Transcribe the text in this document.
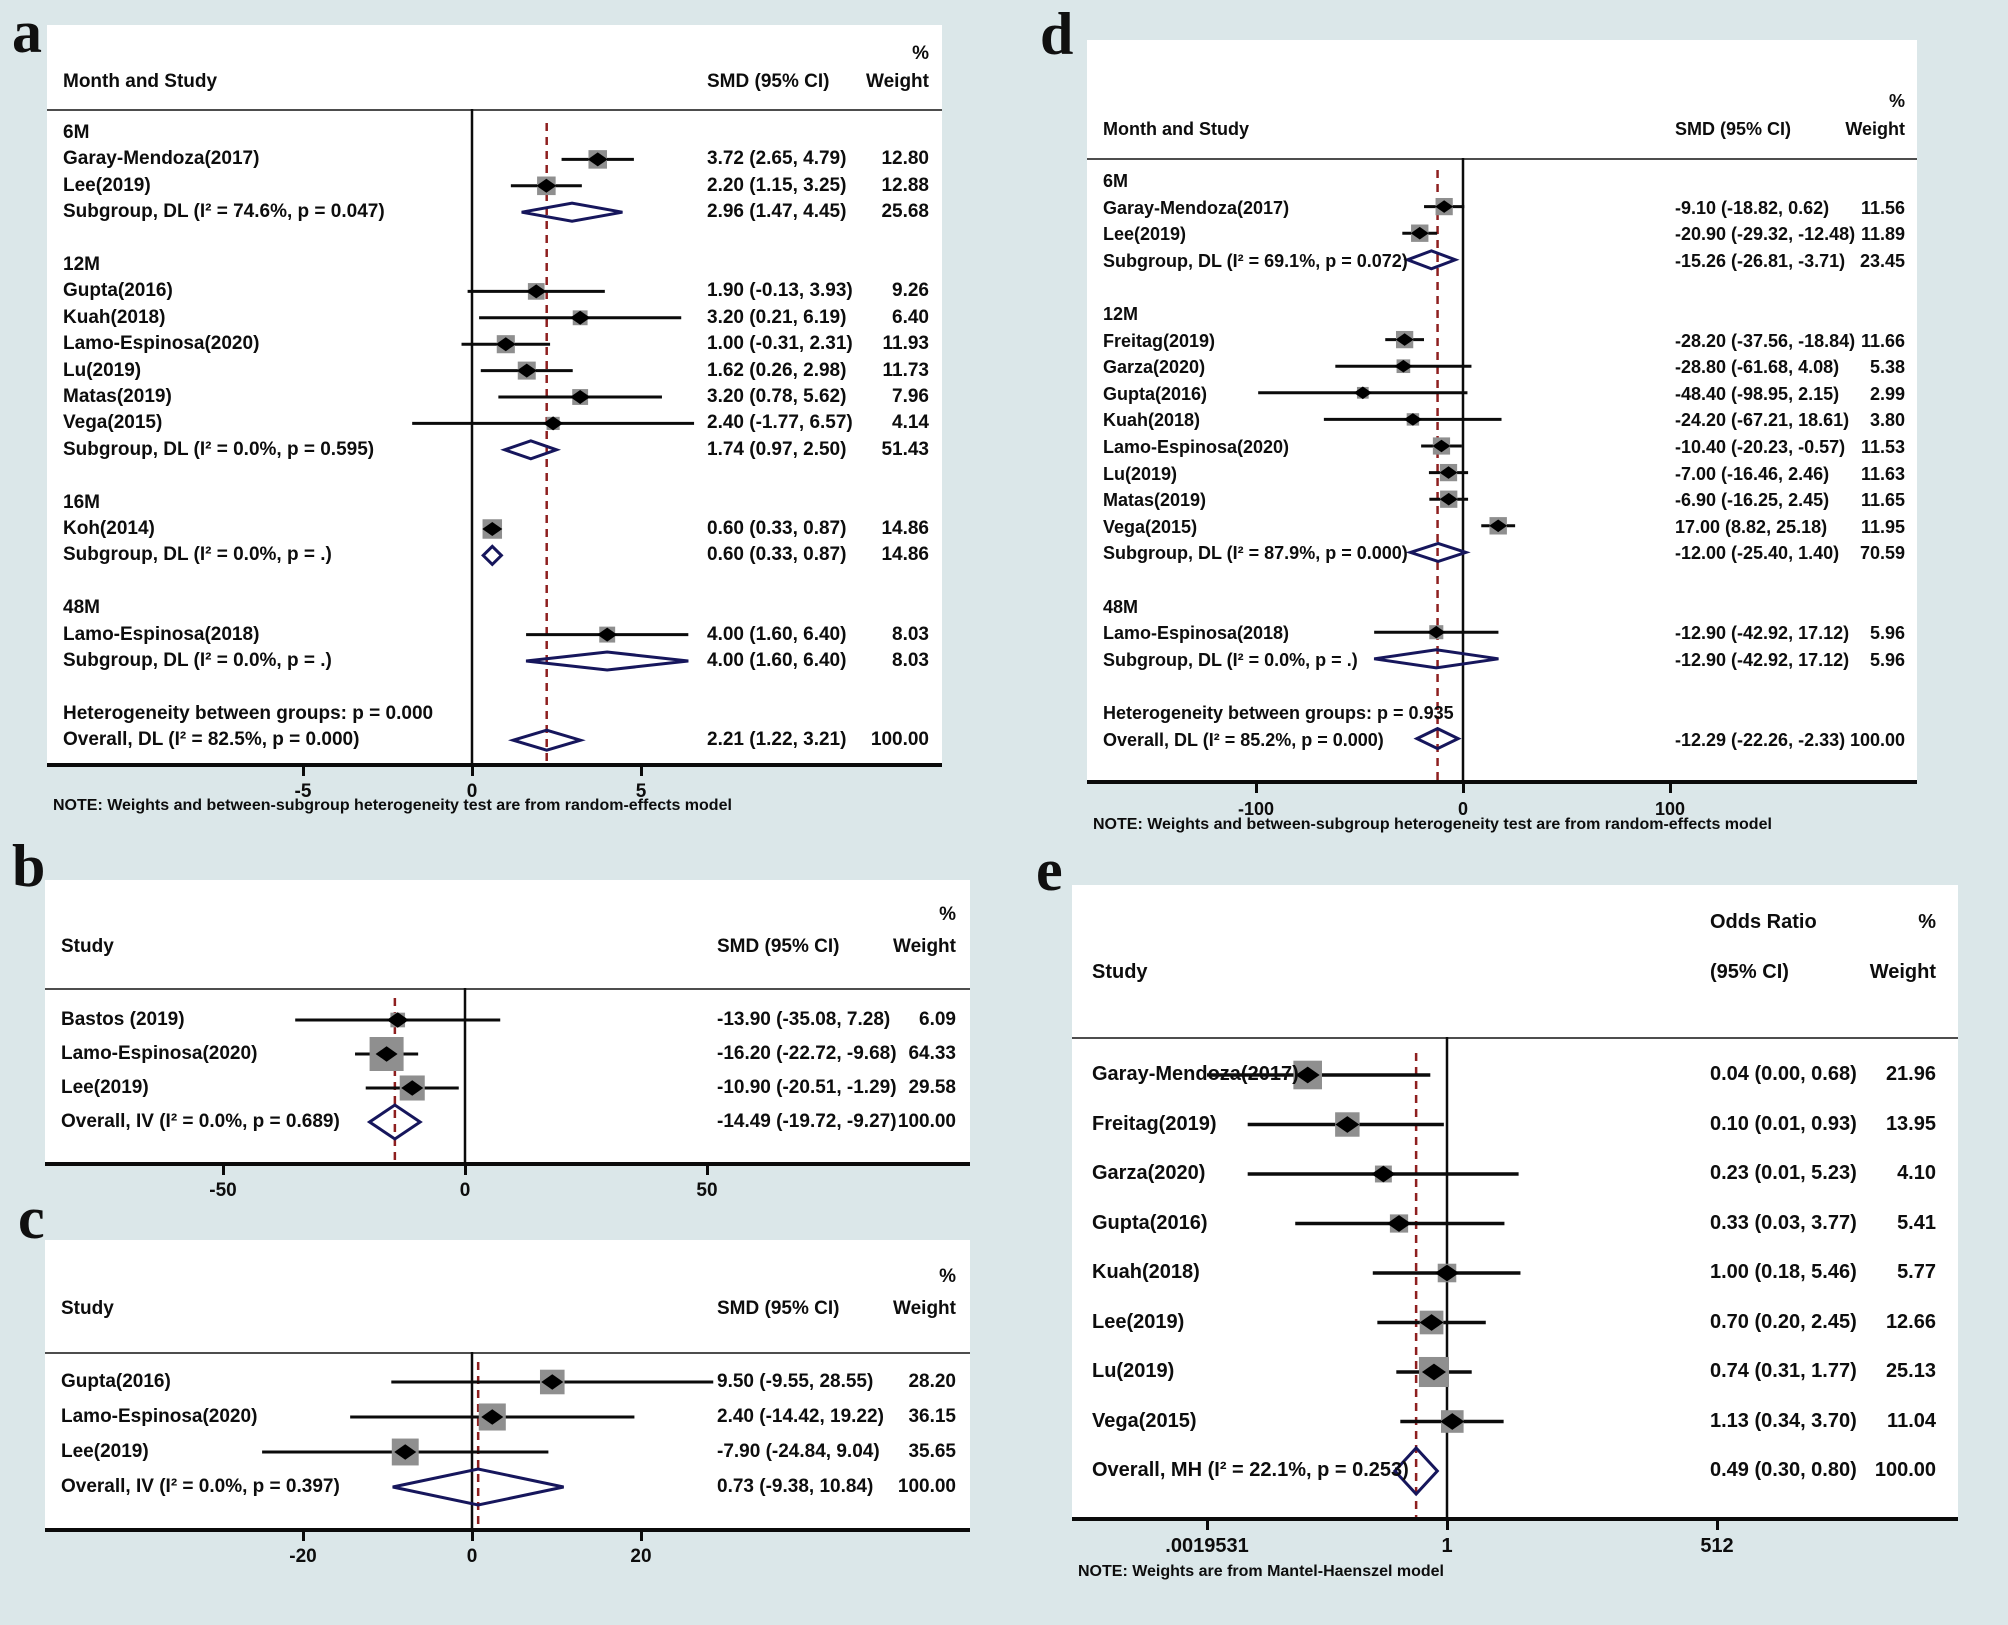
a
Month and Study	SMD (95% CI)
%
Weight
6M
Garay-Mendoza(2017)	3.72 (2.65, 4.79)	12.80
Lee(2019)	2.20 (1.15, 3.25)	12.88
Subgroup, DL (I² = 74.6%, p = 0.047)	2.96 (1.47, 4.45)	25.68
12M
Gupta(2016)	1.90 (-0.13, 3.93)	9.26
Kuah(2018)	3.20 (0.21, 6.19)	6.40
Lamo-Espinosa(2020)	1.00 (-0.31, 2.31)	11.93
Lu(2019)	1.62 (0.26, 2.98)	11.73
Matas(2019)	3.20 (0.78, 5.62)	7.96
Vega(2015)	2.40 (-1.77, 6.57)	4.14
Subgroup, DL (I² = 0.0%, p = 0.595)	1.74 (0.97, 2.50)	51.43
16M
Koh(2014)	0.60 (0.33, 0.87)	14.86
Subgroup, DL (I² = 0.0%, p = .)	0.60 (0.33, 0.87)	14.86
48M
Lamo-Espinosa(2018)	4.00 (1.60, 6.40)	8.03
Subgroup, DL (I² = 0.0%, p = .)	4.00 (1.60, 6.40)	8.03
Heterogeneity between groups: p = 0.000
Overall, DL (I² = 82.5%, p = 0.000)	2.21 (1.22, 3.21)	100.00
-5	0	5
NOTE: Weights and between-subgroup heterogeneity test are from random-effects model
b
Study	SMD (95% CI)
%
Weight
Bastos (2019)	-13.90 (-35.08, 7.28)	6.09
Lamo-Espinosa(2020)	-16.20 (-22.72, -9.68) 64.33
Lee(2019)	-10.90 (-20.51, -1.29) 29.58
Overall, IV (I² = 0.0%, p = 0.689)	-14.49 (-19.72, -9.27) 100.00
-50	0	50
c
Study	SMD (95% CI)
%
Weight
Gupta(2016)	9.50 (-9.55, 28.55)	28.20
Lamo-Espinosa(2020)	2.40 (-14.42, 19.22)	36.15
Lee(2019)	-7.90 (-24.84, 9.04)	35.65
Overall, IV (I² = 0.0%, p = 0.397)	0.73 (-9.38, 10.84)	100.00
-20	0	20
d
Month and Study	SMD (95% CI)
%
Weight
6M
Garay-Mendoza(2017)	-9.10 (-18.82, 0.62)	11.56
Lee(2019)	-20.90 (-29.32, -12.48) 11.89
Subgroup, DL (I² = 69.1%, p = 0.072)	-15.26 (-26.81, -3.71) 23.45
12M
Freitag(2019)	-28.20 (-37.56, -18.84) 11.66
Garza(2020)	-28.80 (-61.68, 4.08)	5.38
Gupta(2016)	-48.40 (-98.95, 2.15)	2.99
Kuah(2018)	-24.20 (-67.21, 18.61)	3.80
Lamo-Espinosa(2020)	-10.40 (-20.23, -0.57) 11.53
Lu(2019)	-7.00 (-16.46, 2.46)	11.63
Matas(2019)	-6.90 (-16.25, 2.45)	11.65
Vega(2015)	17.00 (8.82, 25.18)	11.95
Subgroup, DL (I² = 87.9%, p = 0.000)	-12.00 (-25.40, 1.40)	70.59
48M
Lamo-Espinosa(2018)	-12.90 (-42.92, 17.12)	5.96
Subgroup, DL (I² = 0.0%, p = .)	-12.90 (-42.92, 17.12)	5.96
Heterogeneity between groups: p = 0.935
Overall, DL (I² = 85.2%, p = 0.000)	-12.29 (-22.26, -2.33) 100.00
-100	0	100
NOTE: Weights and between-subgroup heterogeneity test are from random-effects model
e
Study
Odds Ratio
(95% CI)
%
Weight
Garay-Mendoza(2017)	0.04 (0.00, 0.68)	21.96
Freitag(2019)	0.10 (0.01, 0.93)	13.95
Garza(2020)	0.23 (0.01, 5.23)	4.10
Gupta(2016)	0.33 (0.03, 3.77)	5.41
Kuah(2018)	1.00 (0.18, 5.46)	5.77
Lee(2019)	0.70 (0.20, 2.45)	12.66
Lu(2019)	0.74 (0.31, 1.77)	25.13
Vega(2015)	1.13 (0.34, 3.70)	11.04
Overall, MH (I² = 22.1%, p = 0.253)	0.49 (0.30, 0.80) 100.00
.0019531	1	512
NOTE: Weights are from Mantel-Haenszel model
